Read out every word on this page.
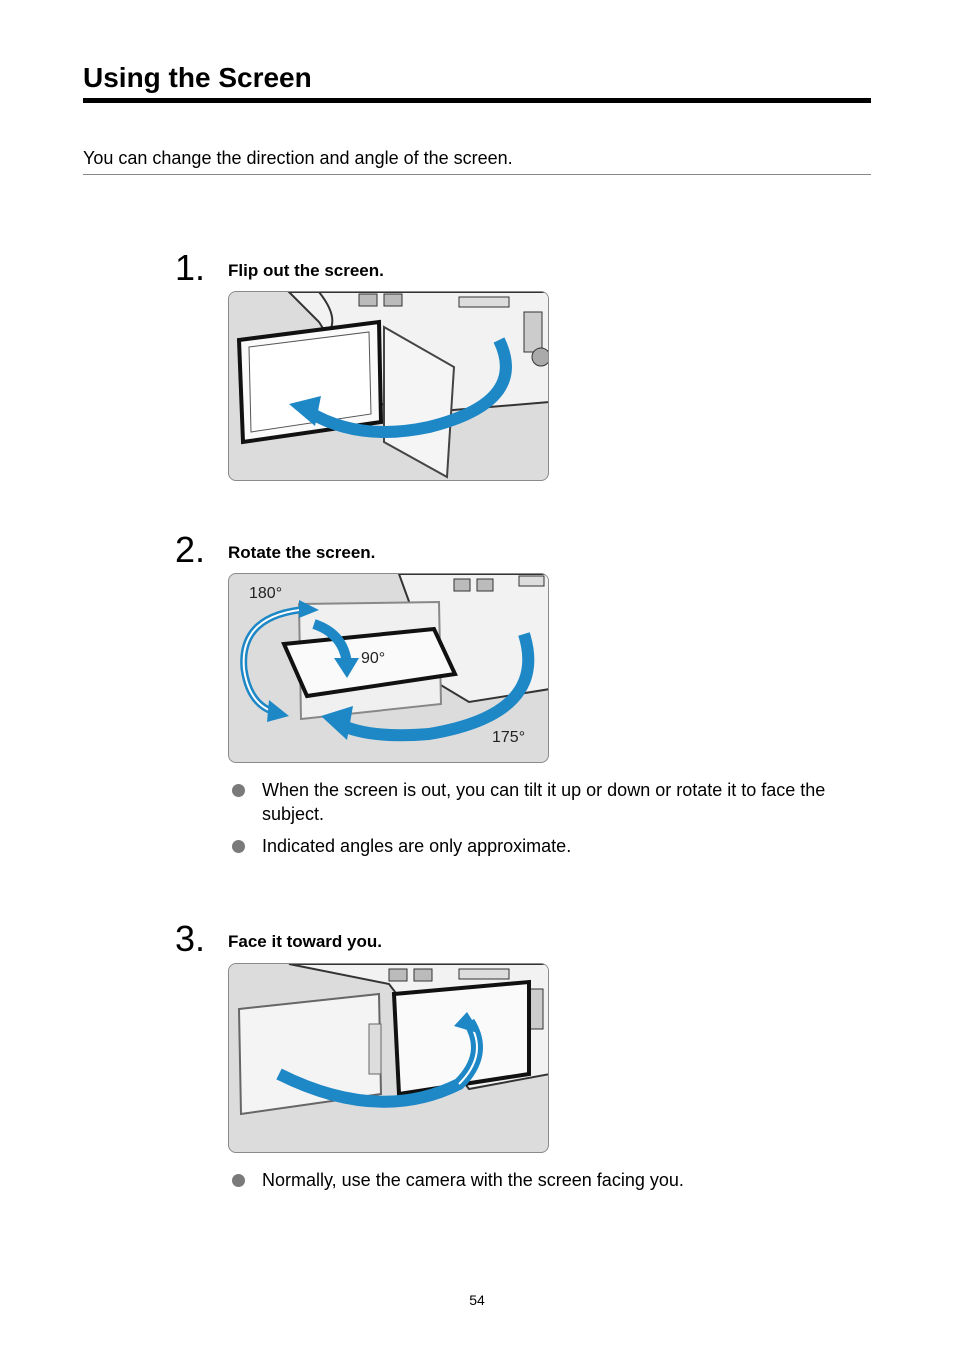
Using the Screen
You can change the direction and angle of the screen.
1. Flip out the screen.
2. Rotate the screen.
180°
90°
175°
When the screen is out, you can tilt it up or down or rotate it to face the subject.
Indicated angles are only approximate.
3. Face it toward you.
Normally, use the camera with the screen facing you.
54
